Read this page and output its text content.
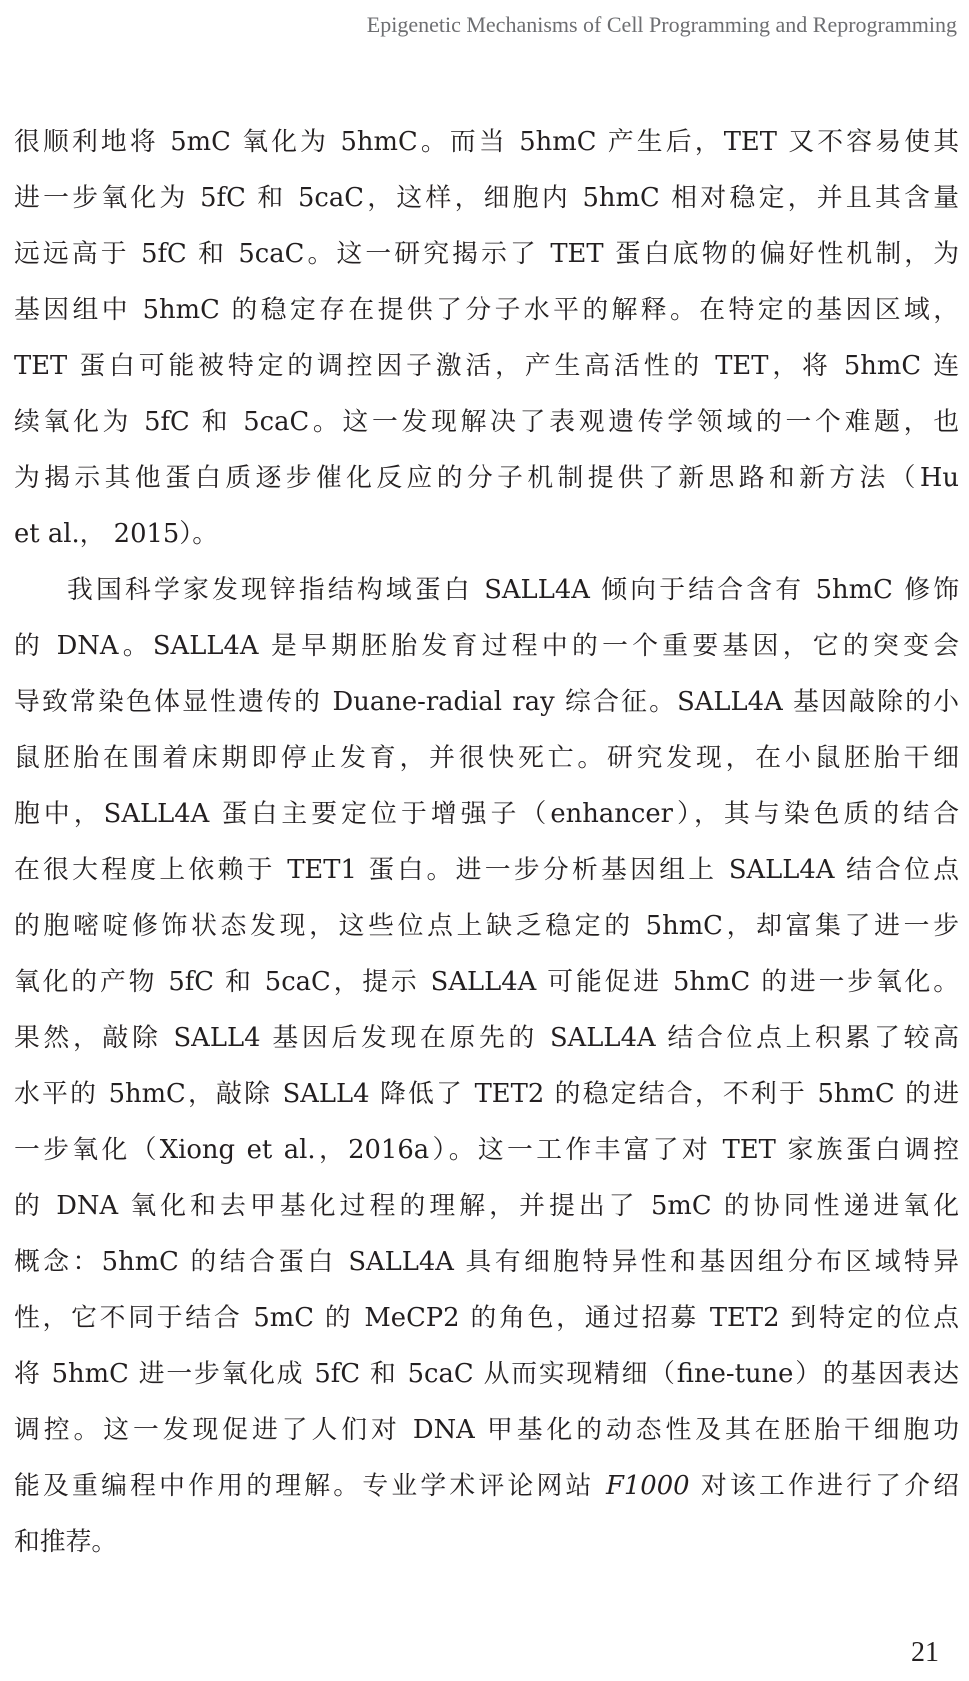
Epigenetic Mechanisms of Cell Programming and Reprogramming
很顺利地将 5mC 氧化为 5hmC。而当 5hmC 产生后，TET 又不容易使其
进一步氧化为 5fC 和 5caC，这样，细胞内 5hmC 相对稳定，并且其含量
远远高于 5fC 和 5caC。这一研究揭示了 TET 蛋白底物的偏好性机制，为
基因组中 5hmC 的稳定存在提供了分子水平的解释。在特定的基因区域，
TET 蛋白可能被特定的调控因子激活，产生高活性的 TET，将 5hmC 连
续氧化为 5fC 和 5caC。这一发现解决了表观遗传学领域的一个难题，也
为揭示其他蛋白质逐步催化反应的分子机制提供了新思路和新方法（Hu
et al.， 2015）。
我国科学家发现锌指结构域蛋白 SALL4A 倾向于结合含有 5hmC 修饰
的 DNA。SALL4A 是早期胚胎发育过程中的一个重要基因，它的突变会
导致常染色体显性遗传的 Duane-radial ray 综合征。SALL4A 基因敲除的小
鼠胚胎在围着床期即停止发育，并很快死亡。研究发现，在小鼠胚胎干细
胞中，SALL4A 蛋白主要定位于增强子（enhancer），其与染色质的结合
在很大程度上依赖于 TET1 蛋白。进一步分析基因组上 SALL4A 结合位点
的胞嘧啶修饰状态发现，这些位点上缺乏稳定的 5hmC，却富集了进一步
氧化的产物 5fC 和 5caC，提示 SALL4A 可能促进 5hmC 的进一步氧化。
果然，敲除 SALL4 基因后发现在原先的 SALL4A 结合位点上积累了较高
水平的 5hmC，敲除 SALL4 降低了 TET2 的稳定结合，不利于 5hmC 的进
一步氧化（Xiong et al.，2016a）。这一工作丰富了对 TET 家族蛋白调控
的 DNA 氧化和去甲基化过程的理解，并提出了 5mC 的协同性递进氧化
概念：5hmC 的结合蛋白 SALL4A 具有细胞特异性和基因组分布区域特异
性，它不同于结合 5mC 的 MeCP2 的角色，通过招募 TET2 到特定的位点
将 5hmC 进一步氧化成 5fC 和 5caC 从而实现精细（fine-tune）的基因表达
调控。这一发现促进了人们对 DNA 甲基化的动态性及其在胚胎干细胞功
能及重编程中作用的理解。专业学术评论网站 F1000 对该工作进行了介绍
和推荐。
21
